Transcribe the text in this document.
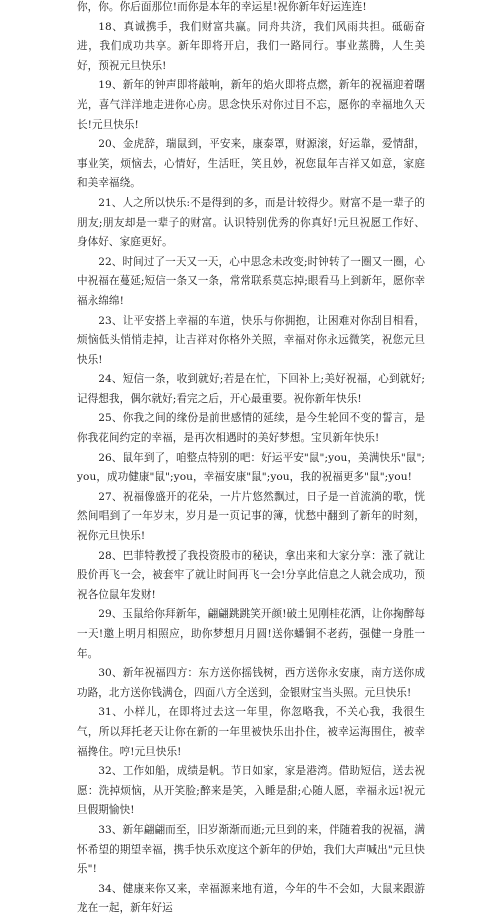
你，你。你后面那位!而你是本年的幸运星!祝你新年好运连连!

18、真诚携手，我们财富共赢。同舟共济，我们风雨共担。砥砺奋进，我们成功共享。新年即将开启，我们一路同行。事业蒸腾，人生美好，预祝元旦快乐!

19、新年的钟声即将敲响，新年的焰火即将点燃，新年的祝福迎着曙光，喜气洋洋地走进你心房。思念快乐对你过目不忘，愿你的幸福地久天长!元旦快乐!

20、金虎辞，瑞鼠到，平安来，康泰罩，财源滚，好运靠，爱情甜，事业笑，烦恼去，心情好，生活旺，笑且妙，祝您鼠年吉祥又如意，家庭和美幸福绕。

21、人之所以快乐:不是得到的多，而是计较得少。财富不是一辈子的朋友;朋友却是一辈子的财富。认识特别优秀的你真好!元旦祝愿工作好、身体好、家庭更好。

22、时间过了一天又一天，心中思念未改变;时钟转了一圈又一圈，心中祝福在蔓延;短信一条又一条，常常联系莫忘掉;眼看马上到新年，愿你幸福永绵绵!

23、让平安搭上幸福的车道，快乐与你拥抱，让困难对你刮目相看，烦恼低头悄悄走掉，让吉祥对你格外关照，幸福对你永远微笑，祝您元旦快乐!

24、短信一条，收到就好;若是在忙，下回补上;美好祝福，心到就好;记得想我，偶尔就好;看完之后，开心最重要。祝你新年快乐!

25、你我之间的缘份是前世感情的延续，是今生轮回不变的誓言，是你我花间约定的幸福，是再次相遇时的美好梦想。宝贝新年快乐!

26、鼠年到了，咱整点特别的吧：好运平安"鼠";you，美满快乐"鼠";you，成功健康"鼠";you，幸福安康"鼠";you，我的祝福更多"鼠";you!

27、祝福像盛开的花朵，一片片悠然飘过，日子是一首流淌的歌，恍然间唱到了一年岁末，岁月是一页记事的簿，忧愁中翻到了新年的时刻，祝你元旦快乐!

28、巴菲特教授了我投资股市的秘诀，拿出来和大家分享：涨了就让股价再飞一会，被套牢了就让时间再飞一会!分享此信息之人就会成功，预祝各位鼠年发财!

29、玉鼠给你拜新年，翩翩跳跳笑开颜!破土见刚桂花洒，让你掬醉每一天!邀上明月相照应，助你梦想月月圆!送你蟠铜不老药，强健一身胜一年。

30、新年祝福四方：东方送你摇钱树，西方送你永安康，南方送你成功路，北方送你钱满仓，四面八方全送到，金银财宝当头照。元旦快乐!

31、小样儿，在即将过去这一年里，你忽略我，不关心我，我很生气，所以拜托老天让你在新的一年里被快乐出扑住，被幸运海围住，被幸福搀住。哼!元旦快乐!

32、工作如船，成绩是帆。节日如家，家是港湾。借助短信，送去祝愿：洗掉烦恼，从开笑脸;醉来是笑，入睡是甜;心随人愿，幸福永远!祝元旦假期愉快!

33、新年翩翩而至，旧岁渐渐而逝;元旦到的来，伴随着我的祝福，满怀希望的期望幸福，携手快乐欢度这个新年的伊始，我们大声喊出"元旦快乐"!

34、健康来你又来，幸福源来地有道，今年的牛不会如，大鼠来跟游龙在一起，新年好运
